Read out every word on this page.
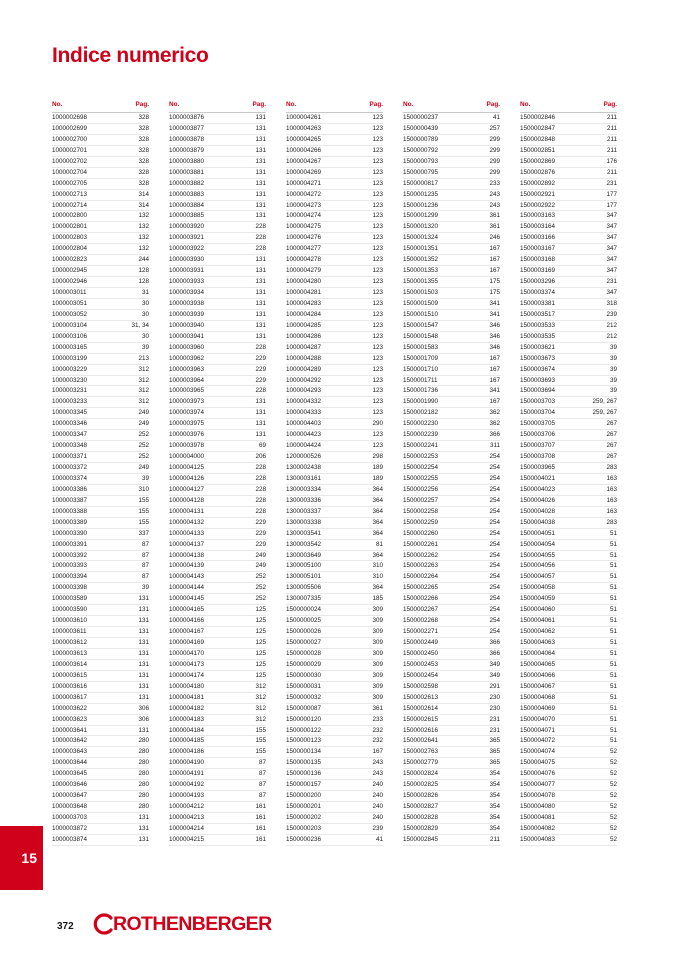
Indice numerico
No.	Pag.
1000002698	328
1000002699	328
1000002700	328
1000002701	328
1000002702	328
1000002704	328
1000002705	328
1000002713	314
1000002714	314
1000002800	132
1000002801	132
1000002803	132
1000002804	132
1000002823	244
1000002945	128
1000002946	128
1000003011	31
1000003051	30
1000003052	30
1000003104	31, 34
1000003106	30
1000003165	39
1000003199	213
1000003229	312
1000003230	312
1000003231	312
1000003233	312
1000003345	249
1000003346	249
1000003347	252
1000003348	252
1000003371	252
1000003372	249
1000003374	39
1000003386	310
1000003387	155
1000003388	155
1000003389	155
1000003390	337
1000003391	87
1000003392	87
1000003393	87
1000003394	87
1000003398	39
1000003589	131
1000003590	131
1000003610	131
1000003611	131
1000003612	131
1000003613	131
1000003614	131
1000003615	131
1000003616	131
1000003617	131
1000003622	306
1000003623	306
1000003641	131
1000003642	280
1000003643	280
1000003644	280
1000003645	280
1000003646	280
1000003647	280
1000003648	280
1000003703	131
1000003872	131
1000003874	131
No.	Pag.
1000003876	131
1000003877	131
1000003878	131
1000003879	131
1000003880	131
1000003881	131
1000003882	131
1000003883	131
1000003884	131
1000003885	131
1000003920	228
1000003921	228
1000003922	228
1000003930	131
1000003931	131
1000003933	131
1000003934	131
1000003938	131
1000003939	131
1000003940	131
1000003941	131
1000003960	228
1000003962	229
1000003963	229
1000003964	229
1000003965	228
1000003973	131
1000003974	131
1000003975	131
1000003976	131
1000003978	69
1000004000	206
1000004125	228
1000004126	228
1000004127	228
1000004128	228
1000004131	228
1000004132	229
1000004133	229
1000004137	229
1000004138	249
1000004139	249
1000004143	252
1000004144	252
1000004145	252
1000004165	125
1000004166	125
1000004167	125
1000004169	125
1000004170	125
1000004173	125
1000004174	125
1000004180	312
1000004181	312
1000004182	312
1000004183	312
1000004184	155
1000004185	155
1000004186	155
1000004190	87
1000004191	87
1000004192	87
1000004193	87
1000004212	161
1000004213	161
1000004214	161
1000004215	161
No.	Pag.
1000004261	123
1000004263	123
1000004265	123
1000004266	123
1000004267	123
1000004269	123
1000004271	123
1000004272	123
1000004273	123
1000004274	123
1000004275	123
1000004276	123
1000004277	123
1000004278	123
1000004279	123
1000004280	123
1000004281	123
1000004283	123
1000004284	123
1000004285	123
1000004286	123
1000004287	123
1000004288	123
1000004289	123
1000004292	123
1000004293	123
1000004332	123
1000004333	123
1000004403	290
1000004423	123
1000004424	123
1200000526	298
1300002438	189
1300003161	189
1300003334	364
1300003336	364
1300003337	364
1300003338	364
1300003541	364
1300003542	81
1300003649	364
1300005100	310
1300005101	310
1300005506	364
1300007335	185
1500000024	309
1500000025	309
1500000026	309
1500000027	309
1500000028	309
1500000029	309
1500000030	309
1500000031	309
1500000032	309
1500000087	361
1500000120	233
1500000122	232
1500000123	232
1500000134	167
1500000135	243
1500000136	243
1500000157	240
1500000200	240
1500000201	240
1500000202	240
1500000203	239
1500000236	41
No.	Pag.
1500000237	41
1500000439	257
1500000789	299
1500000792	299
1500000793	299
1500000795	299
1500000817	233
1500001235	243
1500001236	243
1500001299	361
1500001320	361
1500001324	246
1500001351	167
1500001352	167
1500001353	167
1500001355	175
1500001503	175
1500001509	341
1500001510	341
1500001547	346
1500001548	346
1500001583	346
1500001709	167
1500001710	167
1500001711	167
1500001736	341
1500001990	167
1500002182	362
1500002230	362
1500002239	366
1500002241	311
1500002253	254
1500002254	254
1500002255	254
1500002256	254
1500002257	254
1500002258	254
1500002259	254
1500002260	254
1500002261	254
1500002262	254
1500002263	254
1500002264	254
1500002265	254
1500002266	254
1500002267	254
1500002268	254
1500002271	254
1500002449	366
1500002450	366
1500002453	349
1500002454	349
1500002598	291
1500002613	230
1500002614	230
1500002615	231
1500002616	231
1500002641	365
1500002763	365
1500002779	365
1500002824	354
1500002825	354
1500002826	354
1500002827	354
1500002828	354
1500002829	354
1500002845	211
No.	Pag.
1500002846	211
1500002847	211
1500002848	211
1500002851	211
1500002869	176
1500002876	211
1500002892	231
1500002921	177
1500002922	177
1500003163	347
1500003164	347
1500003166	347
1500003167	347
1500003168	347
1500003169	347
1500003296	231
1500003374	347
1500003381	318
1500003517	239
1500003533	212
1500003535	212
1500003621	39
1500003673	39
1500003674	39
1500003693	39
1500003694	39
1500003703	259, 267
1500003704	259, 267
1500003705	267
1500003706	267
1500003707	267
1500003708	267
1500003965	283
1500004021	163
1500004023	163
1500004026	163
1500004028	163
1500004038	283
1500004051	51
1500004054	51
1500004055	51
1500004056	51
1500004057	51
1500004058	51
1500004059	51
1500004060	51
1500004061	51
1500004062	51
1500004063	51
1500004064	51
1500004065	51
1500004066	51
1500004067	51
1500004068	51
1500004069	51
1500004070	51
1500004071	51
1500004072	51
1500004074	52
1500004075	52
1500004076	52
1500004077	52
1500004078	52
1500004080	52
1500004081	52
1500004082	52
1500004083	52
15
372 ROTHENBERGER
